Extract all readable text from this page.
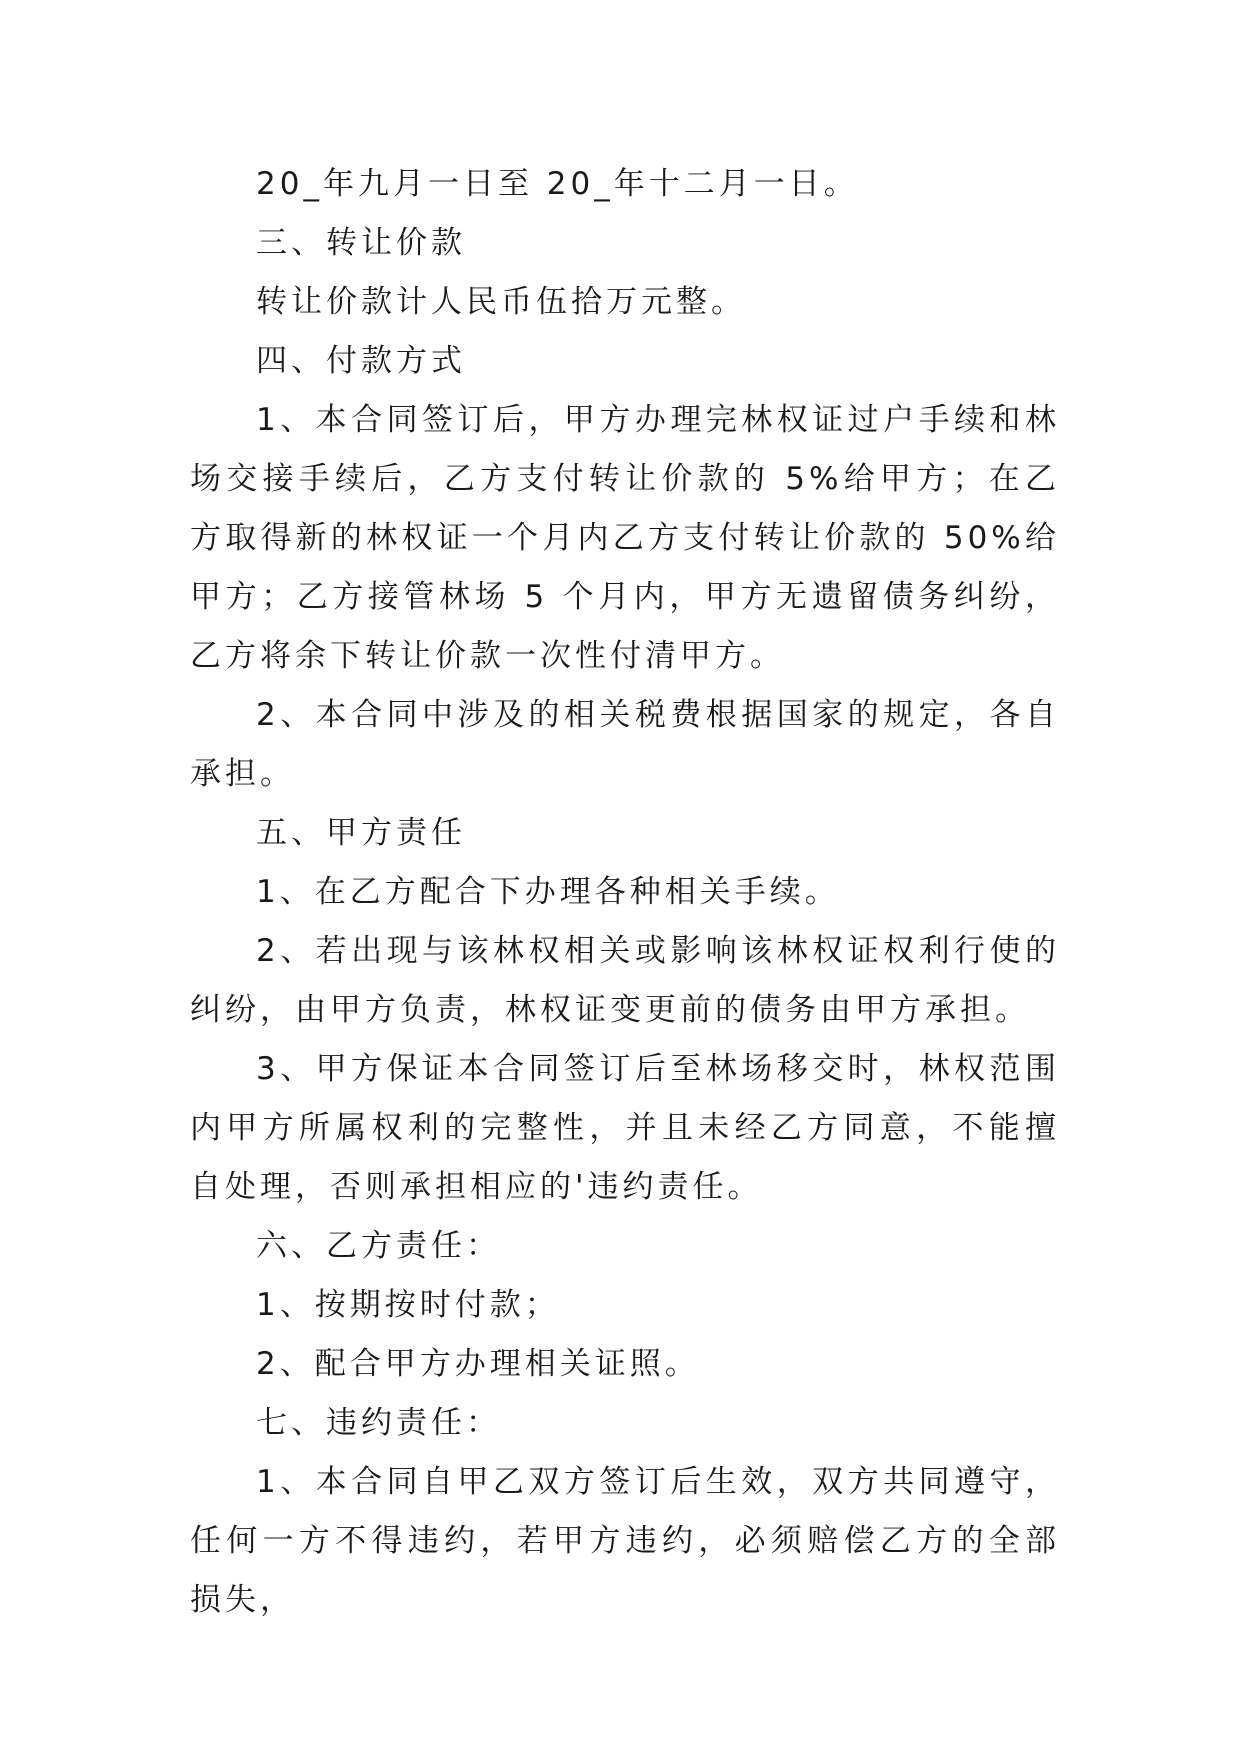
20_年九月一日至 20_年十二月一日。

三、转让价款

转让价款计人民币伍拾万元整。

四、付款方式

1、本合同签订后，甲方办理完林权证过户手续和林场交接手续后，乙方支付转让价款的 5%给甲方；在乙方取得新的林权证一个月内乙方支付转让价款的 50%给甲方；乙方接管林场 5 个月内，甲方无遗留债务纠纷，乙方将余下转让价款一次性付清甲方。

2、本合同中涉及的相关税费根据国家的规定，各自承担。

五、甲方责任

1、在乙方配合下办理各种相关手续。

2、若出现与该林权相关或影响该林权证权利行使的纠纷，由甲方负责，林权证变更前的债务由甲方承担。

3、甲方保证本合同签订后至林场移交时，林权范围内甲方所属权利的完整性，并且未经乙方同意，不能擅自处理，否则承担相应的'违约责任。

六、乙方责任：

1、按期按时付款；

2、配合甲方办理相关证照。

七、违约责任：

1、本合同自甲乙双方签订后生效，双方共同遵守，任何一方不得违约，若甲方违约，必须赔偿乙方的全部损失，
